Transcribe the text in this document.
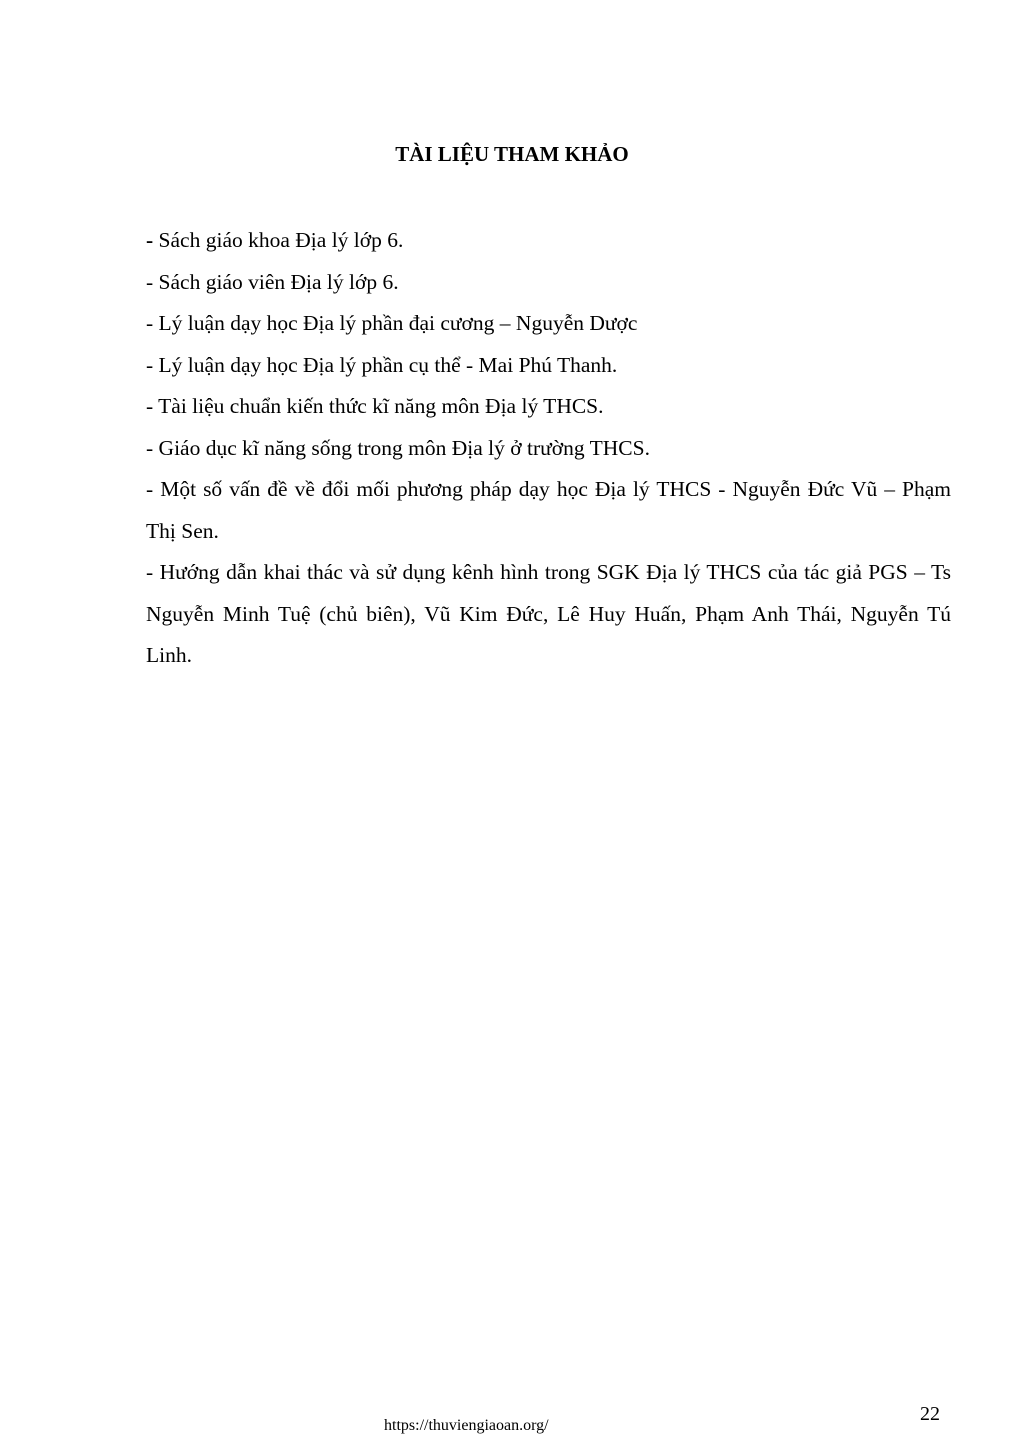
TÀI LIỆU THAM KHẢO
- Sách giáo khoa Địa lý lớp 6.
- Sách giáo viên Địa lý lớp 6.
- Lý luận dạy học Địa lý phần đại cương – Nguyễn Dược
- Lý luận dạy học Địa lý phần cụ thể - Mai Phú Thanh.
- Tài liệu chuẩn kiến thức kĩ năng môn Địa lý THCS.
- Giáo dục kĩ năng sống trong môn Địa lý ở trường THCS.
- Một số vấn đề về đổi mối phương pháp dạy học Địa lý THCS - Nguyễn Đức Vũ – Phạm Thị Sen.
- Hướng dẫn khai thác và sử dụng kênh hình trong SGK Địa lý THCS của tác giả PGS – Ts Nguyễn Minh Tuệ (chủ biên), Vũ Kim Đức, Lê Huy Huấn, Phạm Anh Thái, Nguyễn Tú Linh.
22
https://thuviengiaoan.org/
